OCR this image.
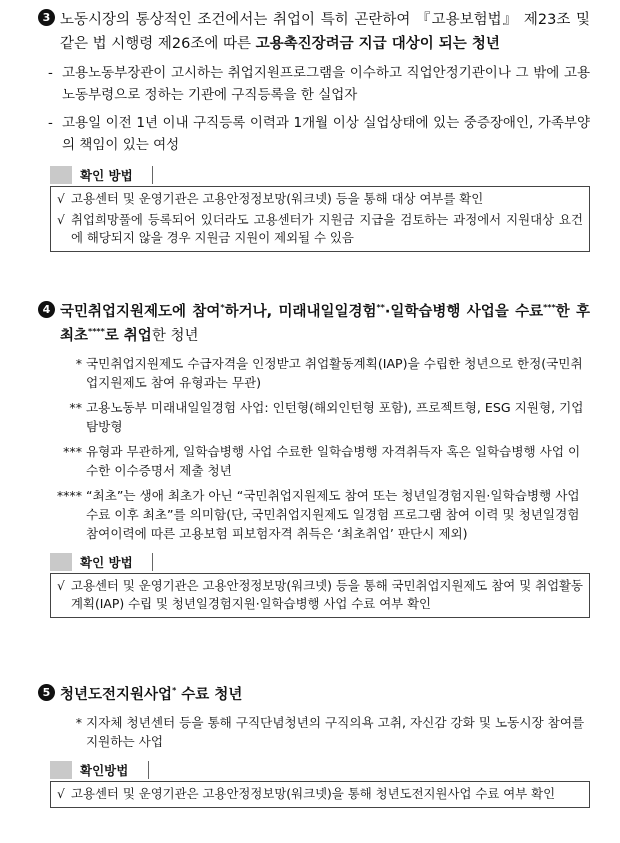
3 노동시장의 통상적인 조건에서는 취업이 특히 곤란하여 『고용보험법』 제23조 및 같은 법 시행령 제26조에 따른 고용촉진장려금 지급 대상이 되는 청년
- 고용노동부장관이 고시하는 취업지원프로그램을 이수하고 직업안정기관이나 그 밖에 고용노동부령으로 정하는 기관에 구직등록을 한 실업자
- 고용일 이전 1년 이내 구직등록 이력과 1개월 이상 실업상태에 있는 중증장애인, 가족부양의 책임이 있는 여성
확인 방법
√ 고용센터 및 운영기관은 고용안정정보망(워크넷) 등을 통해 대상 여부를 확인
√ 취업희망풀에 등록되어 있더라도 고용센터가 지원금 지급을 검토하는 과정에서 지원대상 요건에 해당되지 않을 경우 지원금 지원이 제외될 수 있음
4 국민취업지원제도에 참여*하거나, 미래내일일경험**·일학습병행 사업을 수료***한 후 최초****로 취업한 청년
* 국민취업지원제도 수급자격을 인정받고 취업활동계획(IAP)을 수립한 청년으로 한정(국민취업지원제도 참여 유형과는 무관)
** 고용노동부 미래내일일경험 사업: 인턴형(해외인턴형 포함), 프로젝트형, ESG 지원형, 기업탐방형
*** 유형과 무관하게, 일학습병행 사업 수료한 일학습병행 자격취득자 혹은 일학습병행 사업 이수한 이수증명서 제출 청년
**** “최초”는 생애 최초가 아닌 “국민취업지원제도 참여 또는 청년일경험지원·일학습병행 사업 수료 이후 최초”를 의미함(단, 국민취업지원제도 일경험 프로그램 참여 이력 및 청년일경험 참여이력에 따른 고용보험 피보험자격 취득은 ‘최초취업’ 판단시 제외)
확인 방법
√ 고용센터 및 운영기관은 고용안정정보망(워크넷) 등을 통해 국민취업지원제도 참여 및 취업활동계획(IAP) 수립 및 청년일경험지원·일학습병행 사업 수료 여부 확인
5 청년도전지원사업* 수료 청년
* 지자체 청년센터 등을 통해 구직단념청년의 구직의욕 고취, 자신감 강화 및 노동시장 참여를 지원하는 사업
확인방법
√ 고용센터 및 운영기관은 고용안정정보망(워크넷)을 통해 청년도전지원사업 수료 여부 확인
